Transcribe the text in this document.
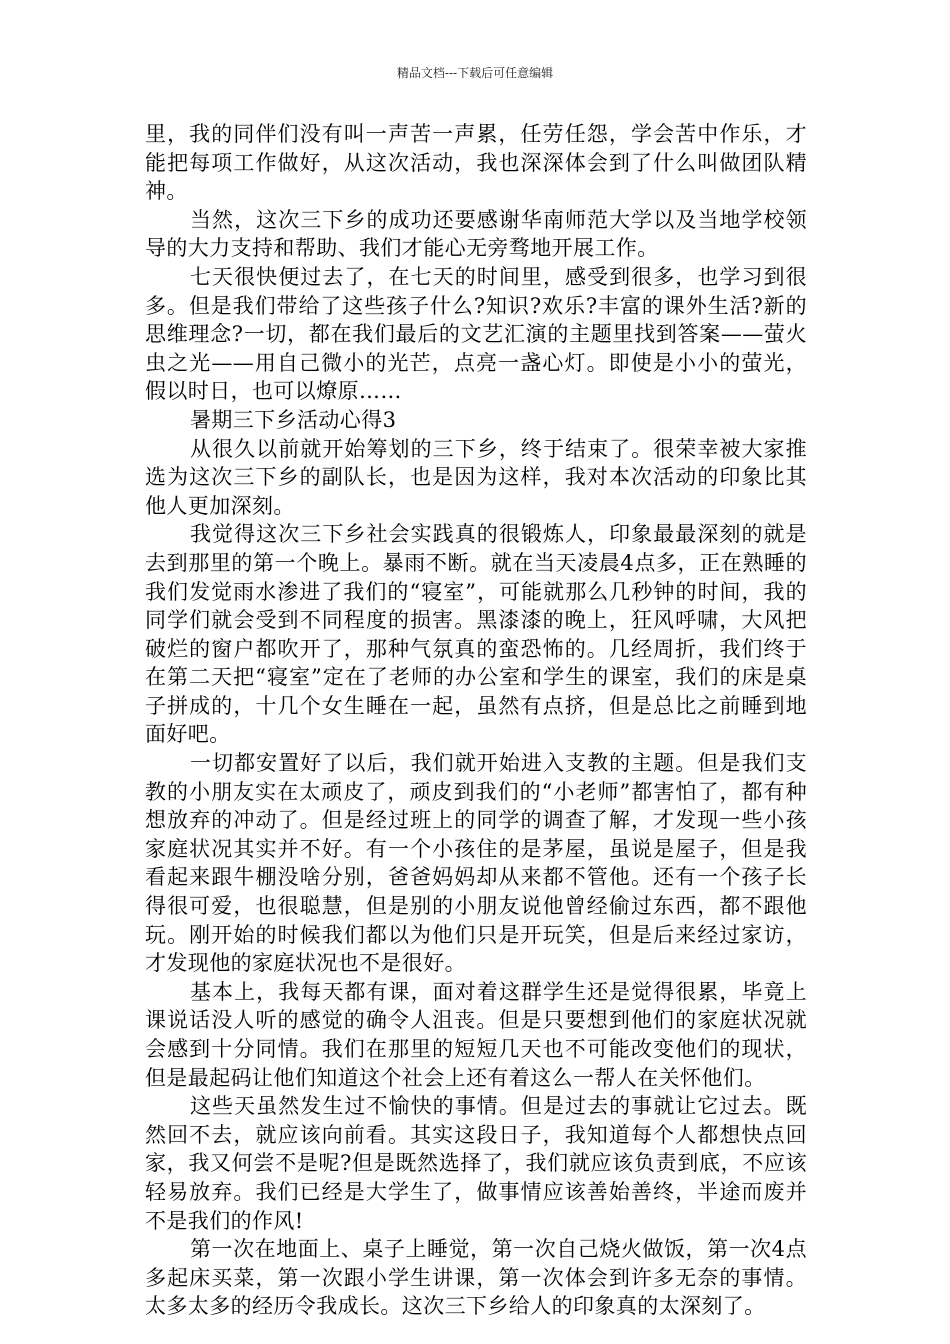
精品文档---下载后可任意编辑

里，我的同伴们没有叫一声苦一声累，任劳任怨，学会苦中作乐，才能把每项工作做好，从这次活动，我也深深体会到了什么叫做团队精神。

当然，这次三下乡的成功还要感谢华南师范大学以及当地学校领导的大力支持和帮助、我们才能心无旁骛地开展工作。

七天很快便过去了，在七天的时间里，感受到很多，也学习到很多。但是我们带给了这些孩子什么?知识?欢乐?丰富的课外生活?新的思维理念?一切，都在我们最后的文艺汇演的主题里找到答案——萤火虫之光——用自己微小的光芒，点亮一盏心灯。即使是小小的萤光，假以时日，也可以燎原……

暑期三下乡活动心得3

从很久以前就开始筹划的三下乡，终于结束了。很荣幸被大家推选为这次三下乡的副队长，也是因为这样，我对本次活动的印象比其他人更加深刻。

我觉得这次三下乡社会实践真的很锻炼人，印象最最深刻的就是去到那里的第一个晚上。暴雨不断。就在当天凌晨4点多，正在熟睡的我们发觉雨水渗进了我们的“寝室”，可能就那么几秒钟的时间，我的同学们就会受到不同程度的损害。黑漆漆的晚上，狂风呼啸，大风把破烂的窗户都吹开了，那种气氛真的蛮恐怖的。几经周折，我们终于在第二天把“寝室”定在了老师的办公室和学生的课室，我们的床是桌子拼成的，十几个女生睡在一起，虽然有点挤，但是总比之前睡到地面好吧。

一切都安置好了以后，我们就开始进入支教的主题。但是我们支教的小朋友实在太顽皮了，顽皮到我们的“小老师”都害怕了，都有种想放弃的冲动了。但是经过班上的同学的调查了解，才发现一些小孩家庭状况其实并不好。有一个小孩住的是茅屋，虽说是屋子，但是我看起来跟牛棚没啥分别，爸爸妈妈却从来都不管他。还有一个孩子长得很可爱，也很聪慧，但是别的小朋友说他曾经偷过东西，都不跟他玩。刚开始的时候我们都以为他们只是开玩笑，但是后来经过家访，才发现他的家庭状况也不是很好。

基本上，我每天都有课，面对着这群学生还是觉得很累，毕竟上课说话没人听的感觉的确令人沮丧。但是只要想到他们的家庭状况就会感到十分同情。我们在那里的短短几天也不可能改变他们的现状，但是最起码让他们知道这个社会上还有着这么一帮人在关怀他们。

这些天虽然发生过不愉快的事情。但是过去的事就让它过去。既然回不去，就应该向前看。其实这段日子，我知道每个人都想快点回家，我又何尝不是呢?但是既然选择了，我们就应该负责到底，不应该轻易放弃。我们已经是大学生了，做事情应该善始善终，半途而废并不是我们的作风!

第一次在地面上、桌子上睡觉，第一次自己烧火做饭，第一次4点多起床买菜，第一次跟小学生讲课，第一次体会到许多无奈的事情。太多太多的经历令我成长。这次三下乡给人的印象真的太深刻了。
